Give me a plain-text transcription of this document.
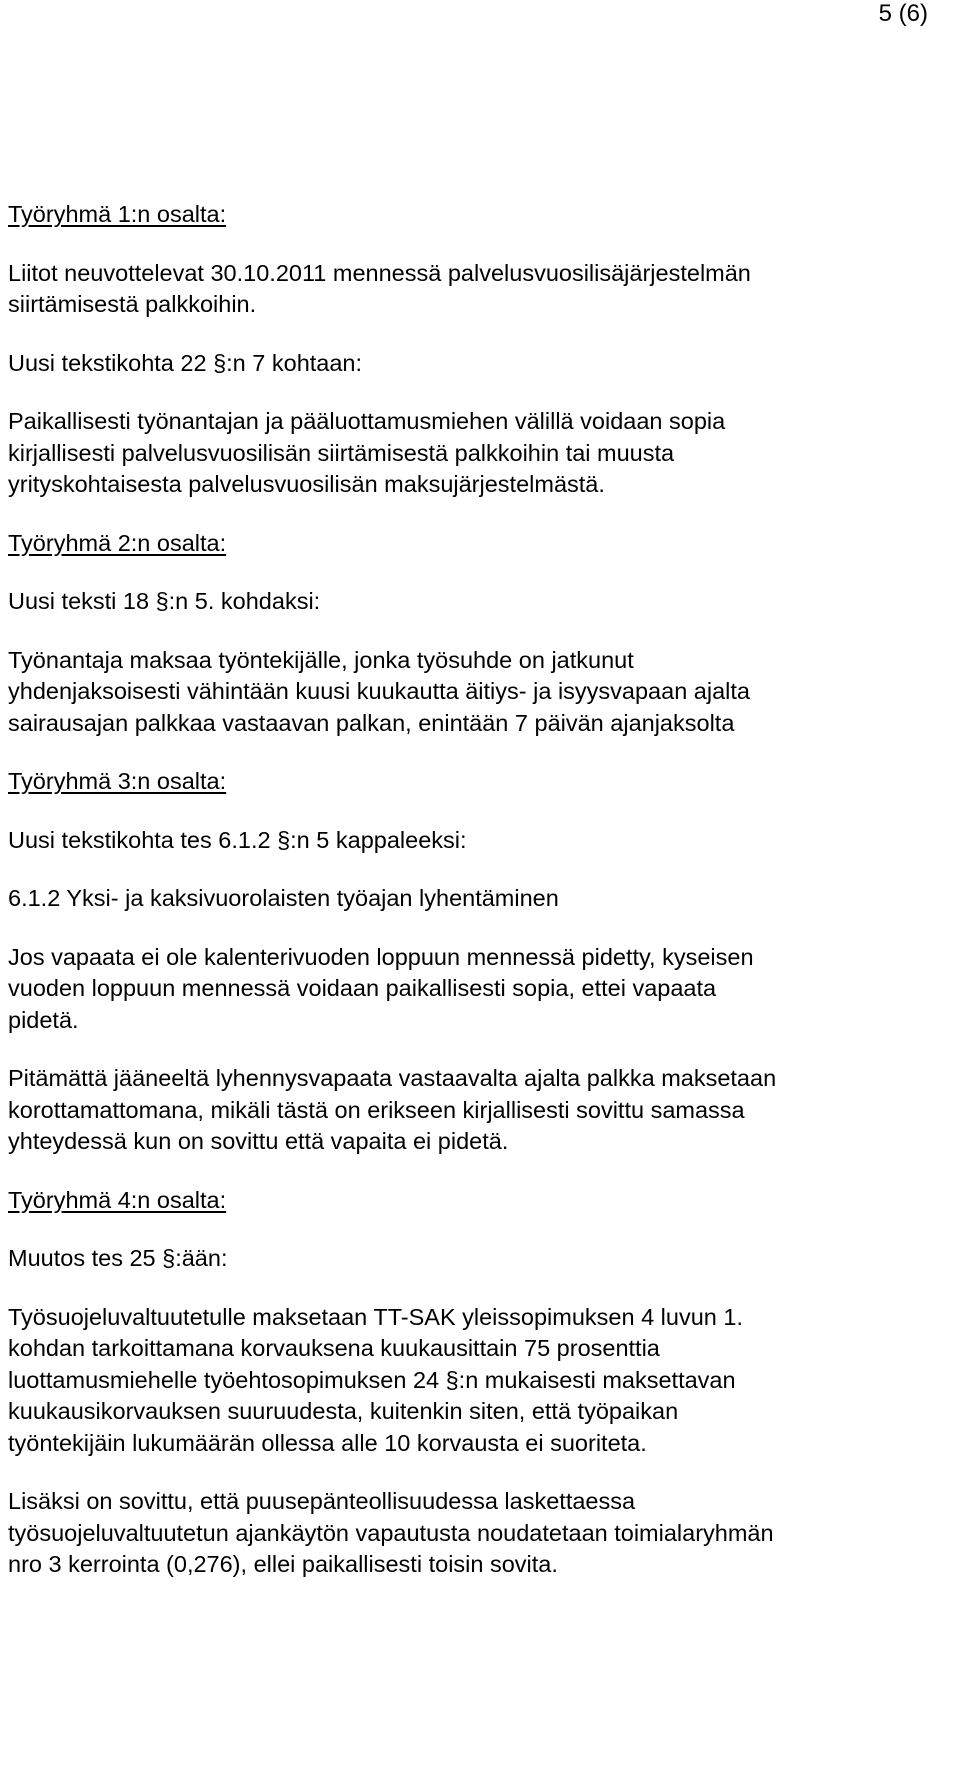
5 (6)

Työryhmä 1:n osalta:

Liitot neuvottelevat 30.10.2011 mennessä palvelusvuosilisäjärjestelmän siirtämisestä palkkoihin.

Uusi tekstikohta 22 §:n 7 kohtaan:

Paikallisesti työnantajan ja pääluottamusmiehen välillä voidaan sopia

kirjallisesti palvelusvuosilisän siirtämisestä palkkoihin tai muusta

yrityskohtaisesta palvelusvuosilisän maksujärjestelmästä.

Työryhmä 2:n osalta:

Uusi teksti 18 §:n 5. kohdaksi:

Työnantaja maksaa työntekijälle, jonka työsuhde on jatkunut

yhdenjaksoisesti vähintään kuusi kuukautta äitiys- ja isyysvapaan ajalta

sairausajan palkkaa vastaavan palkan, enintään 7 päivän ajanjaksolta

Työryhmä 3:n osalta:

Uusi tekstikohta tes 6.1.2 §:n 5 kappaleeksi:

6.1.2 Yksi- ja kaksivuorolaisten työajan lyhentäminen

Jos vapaata ei ole kalenterivuoden loppuun mennessä pidetty, kyseisen

vuoden loppuun mennessä voidaan paikallisesti sopia, ettei vapaata

pidetä.

Pitämättä jääneeltä lyhennysvapaata vastaavalta ajalta palkka maksetaan

korottamattomana, mikäli tästä on erikseen kirjallisesti sovittu samassa

yhteydessä kun on sovittu että vapaita ei pidetä.

Työryhmä 4:n osalta:

Muutos tes 25 §:ään:

Työsuojeluvaltuutetulle maksetaan TT-SAK yleissopimuksen 4 luvun 1.

kohdan tarkoittamana korvauksena kuukausittain 75 prosenttia

luottamusmiehelle työehtosopimuksen 24 §:n mukaisesti maksettavan

kuukausikorvauksen suuruudesta, kuitenkin siten, että työpaikan

työntekijäin lukumäärän ollessa alle 10 korvausta ei suoriteta.

Lisäksi on sovittu, että puusepänteollisuudessa laskettaessa

työsuojeluvaltuutetun ajankäytön vapautusta noudatetaan toimialaryhmän

nro 3 kerrointa (0,276), ellei paikallisesti toisin sovita.
